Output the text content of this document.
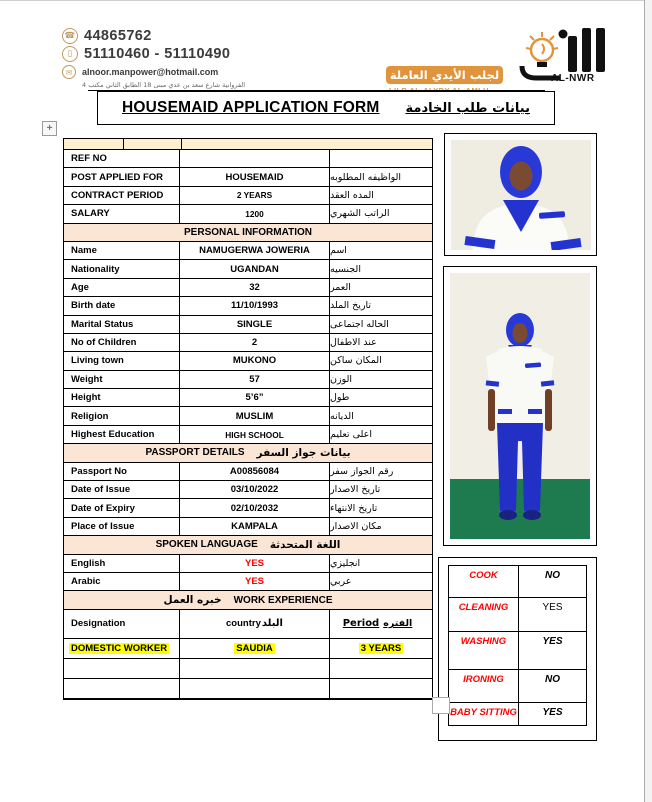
☎ 44865762
▯ 51110460 - 51110490
✉	alnoor.manpower@hotmail.com
الفروانية شارع سعد بن عدي مبنى 18 الطابق الثاني مكتب 4
لجلب الأيدي العاملة	AL-NWR
HOUSEMAID APPLICATION FORM بيانات طلب الخادمة
+
REF NO
POST APPLIED FOR	HOUSEMAID	الواظيفه المطلوبه
CONTRACT PERIOD	2 YEARS	المده العقد
SALARY	1200	الراتب الشهري
PERSONAL INFORMATION
Name	NAMUGERWA JOWERIA	اسم
Nationality	UGANDAN	الجنسيه
Age	32	العمر
Birth date	11/10/1993	تاريخ الملد
Marital Status	SINGLE	الحاله اجتماعى
No of Children	2	عند الاطفال
Living town	MUKONO	المكان ساكن
Weight	57	الوزن
Height	5’6”	طول
Religion	MUSLIM	الديانه
Highest Education	HIGH SCHOOL	اعلى تعليم
PASSPORT DETAILS بيانات جواز السفر
Passport No	A00856084	رقم الجواز سفر
Date of Issue	03/10/2022	تاريخ الاصدار
Date of Expiry	02/10/2032	تاريخ الانتهاء
Place of Issue	KAMPALA	مكان الاصدار
SPOKEN LANGUAGE اللغة المتحدثة
English	YES	انجليزي
Arabic	YES	عربي
خبره العمل WORK EXPERIENCE
Designation	country البلد	Period الفتره
DOMESTIC WORKER	SAUDIA	3 YEARS
COOK	NO
CLEANING	YES
WASHING	YES
IRONING	NO
BABY SITTING	YES
